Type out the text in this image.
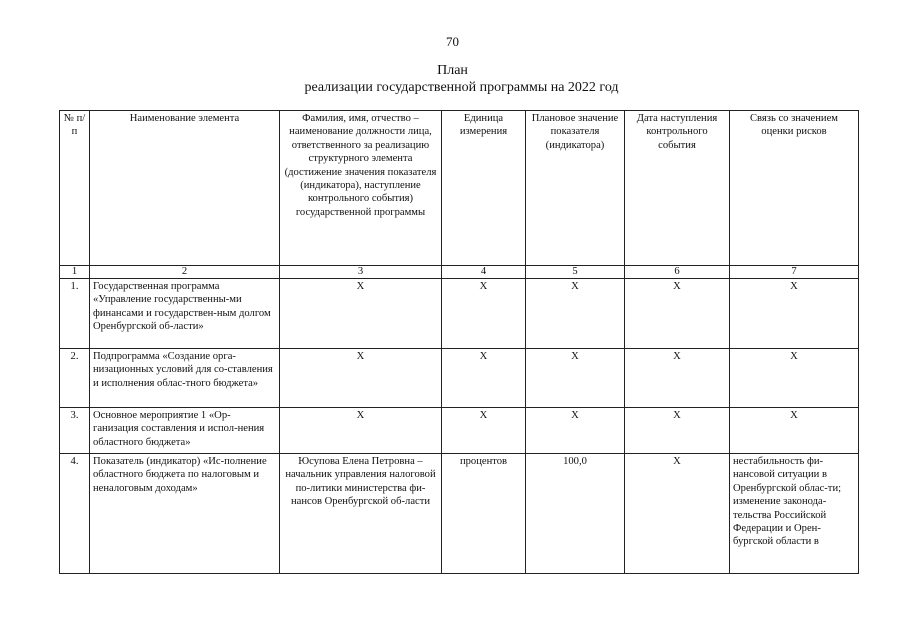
70
План
реализации государственной программы на 2022 год
№ п/п	Наименование элемента	Фамилия, имя, отчество – наименование должности лица, ответственного за реализацию структурного элемента (достижение значения показателя (индикатора), наступление контрольного события) государственной программы	Единица измерения	Плановое значение показателя (индикатора)	Дата наступления контрольного события	Связь со значением оценки рисков
1	2	3	4	5	6	7
1.	Государственная программа «Управление государственны-ми финансами и государствен-ным долгом Оренбургской об-ласти»	X	X	X	X	X
2.	Подпрограмма «Создание орга-низационных условий для со-ставления и исполнения облас-тного бюджета»	X	X	X	X	X
3.	Основное мероприятие 1 «Ор-ганизация составления и испол-нения областного бюджета»	X	X	X	X	X
4.	Показатель (индикатор) «Ис-полнение областного бюджета по налоговым и неналоговым доходам»	Юсупова Елена Петровна – начальник управления налоговой по-литики министерства фи-нансов Оренбургской об-ласти	процентов	100,0	X	нестабильность фи-нансовой ситуации в Оренбургской облас-ти; изменение законода-тельства Российской Федерации и Орен-бургской области в
